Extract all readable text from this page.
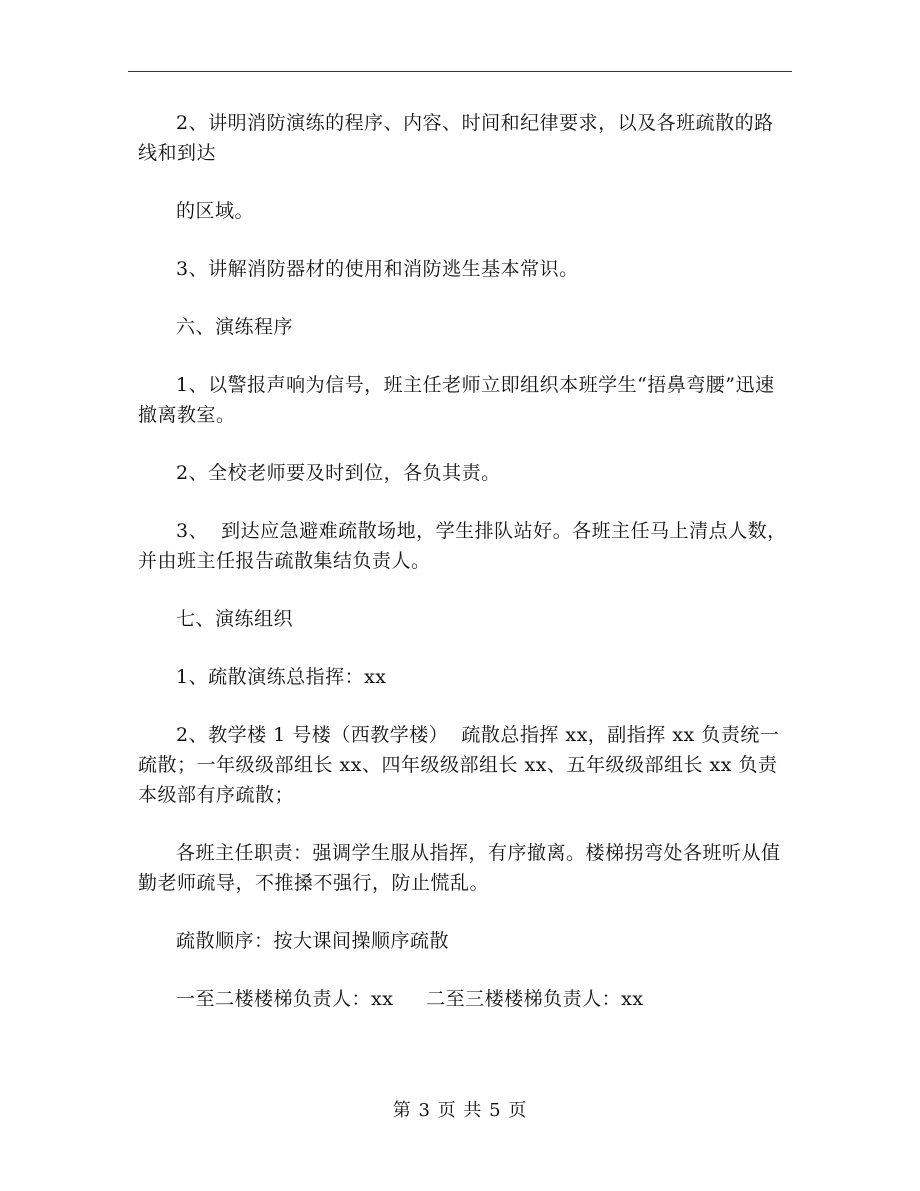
2、讲明消防演练的程序、内容、时间和纪律要求，以及各班疏散的路线和到达

的区域。

3、讲解消防器材的使用和消防逃生基本常识。

六、演练程序

1、以警报声响为信号，班主任老师立即组织本班学生“捂鼻弯腰”迅速撤离教室。

2、全校老师要及时到位，各负其责。

3、  到达应急避难疏散场地，学生排队站好。各班主任马上清点人数，并由班主任报告疏散集结负责人。

七、演练组织

1、疏散演练总指挥：xx

2、教学楼 1 号楼（西教学楼）  疏散总指挥 xx，副指挥 xx 负责统一疏散；一年级级部组长 xx、四年级级部组长 xx、五年级级部组长 xx 负责本级部有序疏散；

各班主任职责：强调学生服从指挥，有序撤离。楼梯拐弯处各班听从值勤老师疏导，不推搡不强行，防止慌乱。

疏散顺序：按大课间操顺序疏散

一至二楼楼梯负责人：xx     二至三楼楼梯负责人：xx

第 3 页 共 5 页
